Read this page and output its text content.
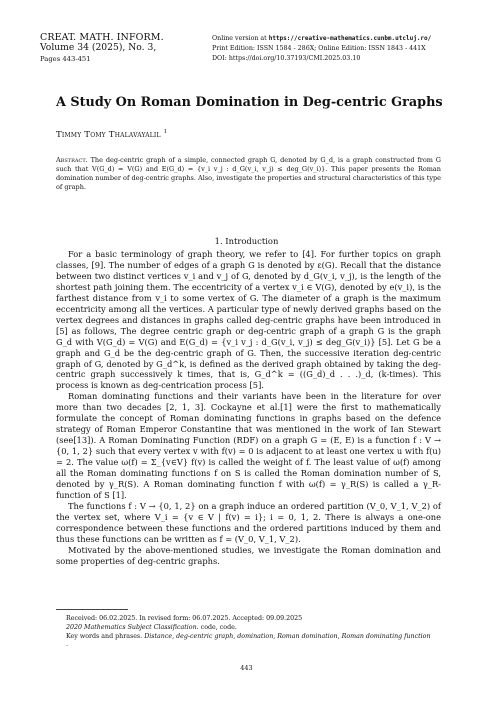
CREAT. MATH. INFORM.
Volume 34 (2025), No. 3,
Pages 443-451
Online version at https://creative-mathematics.cunbm.utcluj.ro/
Print Edition: ISSN 1584 - 286X; Online Edition: ISSN 1843 - 441X
DOI: https://doi.org/10.37193/CMI.2025.03.10
A Study On Roman Domination in Deg-centric Graphs
Timmy Tomy Thalavayalil $^1$
Abstract. The deg-centric graph of a simple, connected graph G, denoted by G_d, is a graph constructed from G such that V(G_d) = V(G) and E(G_d) = {v_i v_j : d_G(v_i, v_j) ≤ deg_G(v_i)}. This paper presents the Roman domination number of deg-centric graphs. Also, investigate the properties and structural characteristics of this type of graph.
1. Introduction

For a basic terminology of graph theory, we refer to [4]. For further topics on graph classes, [9]. The number of edges of a graph G is denoted by ε(G). Recall that the distance between two distinct vertices v_i and v_j of G, denoted by d_G(v_i, v_j), is the length of the shortest path joining them. The eccentricity of a vertex v_i ∈ V(G), denoted by e(v_i), is the farthest distance from v_i to some vertex of G. The diameter of a graph is the maximum eccentricity among all the vertices. A particular type of newly derived graphs based on the vertex degrees and distances in graphs called deg-centric graphs have been introduced in [5] as follows, The degree centric graph or deg-centric graph of a graph G is the graph G_d with V(G_d) = V(G) and E(G_d) = {v_i v_j : d_G(v_i, v_j) ≤ deg_G(v_i)} [5]. Let G be a graph and G_d be the deg-centric graph of G. Then, the successive iteration deg-centric graph of G, denoted by G_d^k, is defined as the derived graph obtained by taking the deg-centric graph successively k times, that is, G_d^k = ((G_d)_d . . .)_d, (k-times). This process is known as deg-centrication process [5].

Roman dominating functions and their variants have been in the literature for over more than two decades [2, 1, 3]. Cockayne et al.[1] were the first to mathematically formulate the concept of Roman dominating functions in graphs based on the defence strategy of Roman Emperor Constantine that was mentioned in the work of Ian Stewart (see[13]). A Roman Dominating Function (RDF) on a graph G = (E, E) is a function f : V → {0, 1, 2} such that every vertex v with f(v) = 0 is adjacent to at least one vertex u with f(u) = 2. The value ω(f) = Σ_{v∈V} f(v) is called the weight of f. The least value of ω(f) among all the Roman dominating functions f on S is called the Roman domination number of S, denoted by γ_R(S). A Roman dominating function f with ω(f) = γ_R(S) is called a γ_R-function of S [1].

The functions f : V → {0, 1, 2} on a graph induce an ordered partition (V_0, V_1, V_2) of the vertex set, where V_i = {v ∈ V | f(v) = i}; i = 0, 1, 2. There is always a one-one correspondence between these functions and the ordered partitions induced by them and thus these functions can be written as f = (V_0, V_1, V_2).

Motivated by the above-mentioned studies, we investigate the Roman domination and some properties of deg-centric graphs.

Received: 06.02.2025. In revised form: 06.07.2025. Accepted: 09.09.2025

2020 Mathematics Subject Classification. code, code.

Key words and phrases. Distance, deg-centric graph, domination, Roman domination, Roman dominating function

.

443
